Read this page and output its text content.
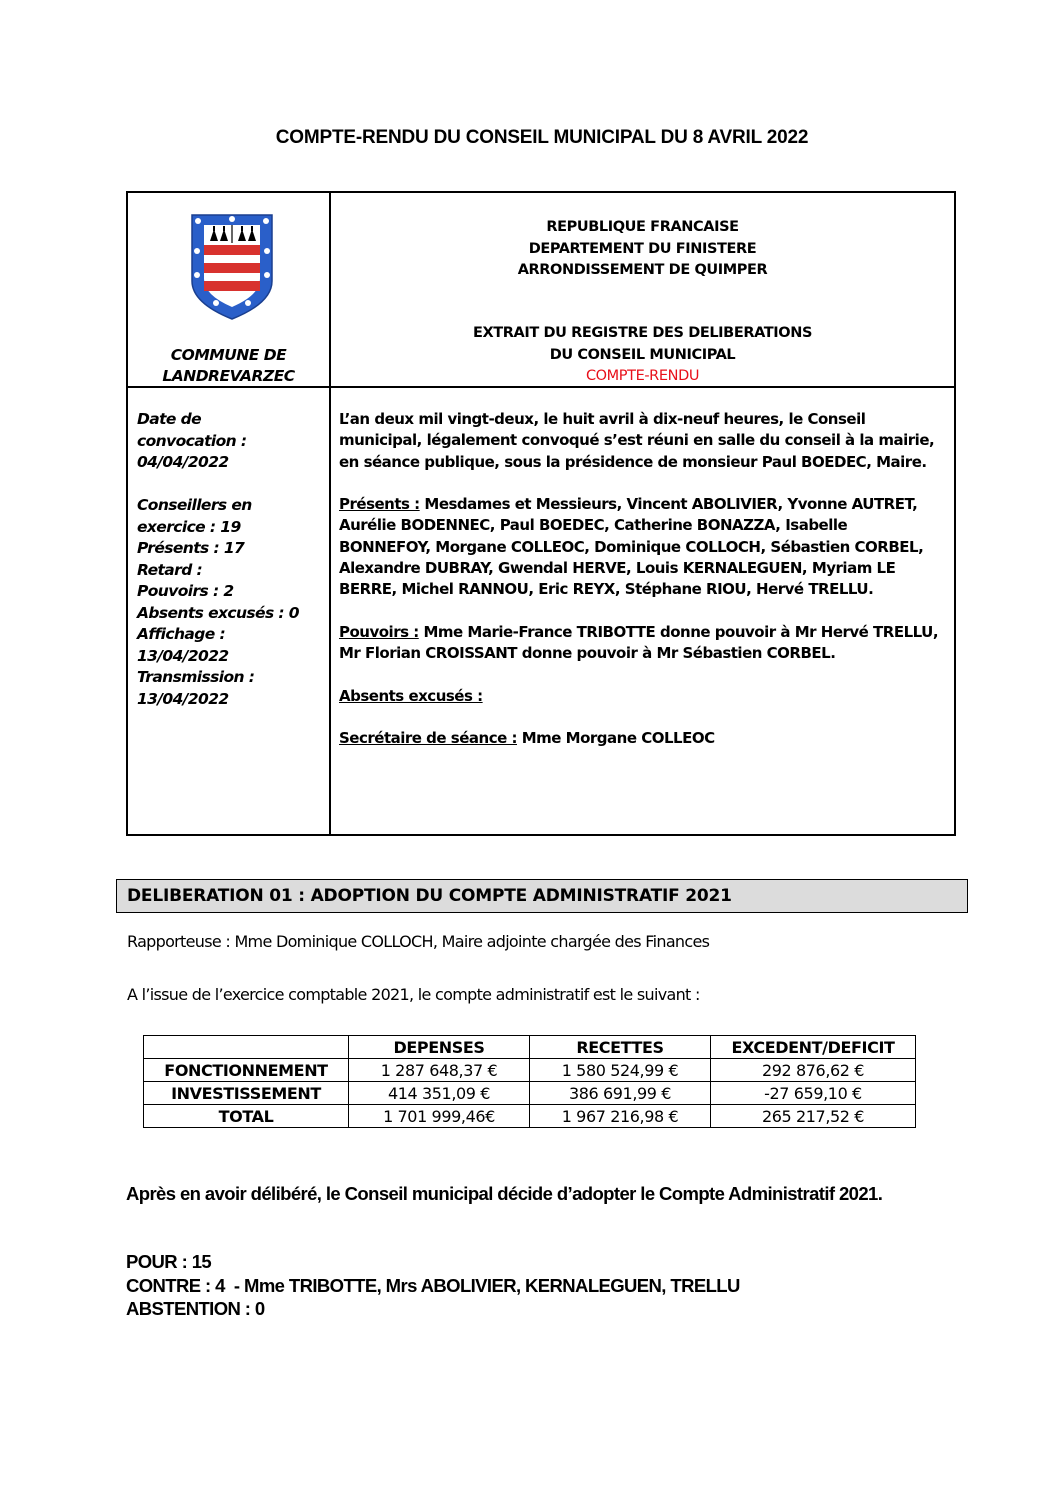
COMPTE-RENDU DU CONSEIL MUNICIPAL DU 8 AVRIL 2022
COMMUNE DE
LANDREVARZEC
REPUBLIQUE FRANCAISE
DEPARTEMENT DU FINISTERE
ARRONDISSEMENT DE QUIMPER
EXTRAIT DU REGISTRE DES DELIBERATIONS
DU CONSEIL MUNICIPAL
COMPTE-RENDU
Date de
convocation :
04/04/2022

Conseillers en
exercice : 19
Présents : 17
Retard :
Pouvoirs : 2
Absents excusés : 0
Affichage :
13/04/2022
Transmission :
13/04/2022

L’an deux mil vingt-deux, le huit avril à dix-neuf heures, le Conseil municipal, légalement convoqué s’est réuni en salle du conseil à la mairie, en séance publique, sous la présidence de monsieur Paul BOEDEC, Maire.

Présents : Mesdames et Messieurs, Vincent ABOLIVIER, Yvonne AUTRET, Aurélie BODENNEC, Paul BOEDEC, Catherine BONAZZA, Isabelle BONNEFOY, Morgane COLLEOC, Dominique COLLOCH, Sébastien CORBEL, Alexandre DUBRAY, Gwendal HERVE, Louis KERNALEGUEN, Myriam LE BERRE, Michel RANNOU, Eric REYX, Stéphane RIOU, Hervé TRELLU.

Pouvoirs : Mme Marie-France TRIBOTTE donne pouvoir à Mr Hervé TRELLU, Mr Florian CROISSANT donne pouvoir à Mr Sébastien CORBEL.

Absents excusés :

Secrétaire de séance : Mme Morgane COLLEOC

DELIBERATION 01 : ADOPTION DU COMPTE ADMINISTRATIF 2021
Rapporteuse : Mme Dominique COLLOCH, Maire adjointe chargée des Finances
A l’issue de l’exercice comptable 2021, le compte administratif est le suivant :
	DEPENSES	RECETTES	EXCEDENT/DEFICIT
FONCTIONNEMENT	1 287 648,37 €	1 580 524,99 €	292 876,62 €
INVESTISSEMENT	414 351,09 €	386 691,99 €	-27 659,10 €
TOTAL	1 701 999,46€	1 967 216,98 €	265 217,52 €
Après en avoir délibéré, le Conseil municipal décide d’adopter le Compte Administratif 2021.
POUR : 15
CONTRE : 4  - Mme TRIBOTTE, Mrs ABOLIVIER, KERNALEGUEN, TRELLU
ABSTENTION : 0
